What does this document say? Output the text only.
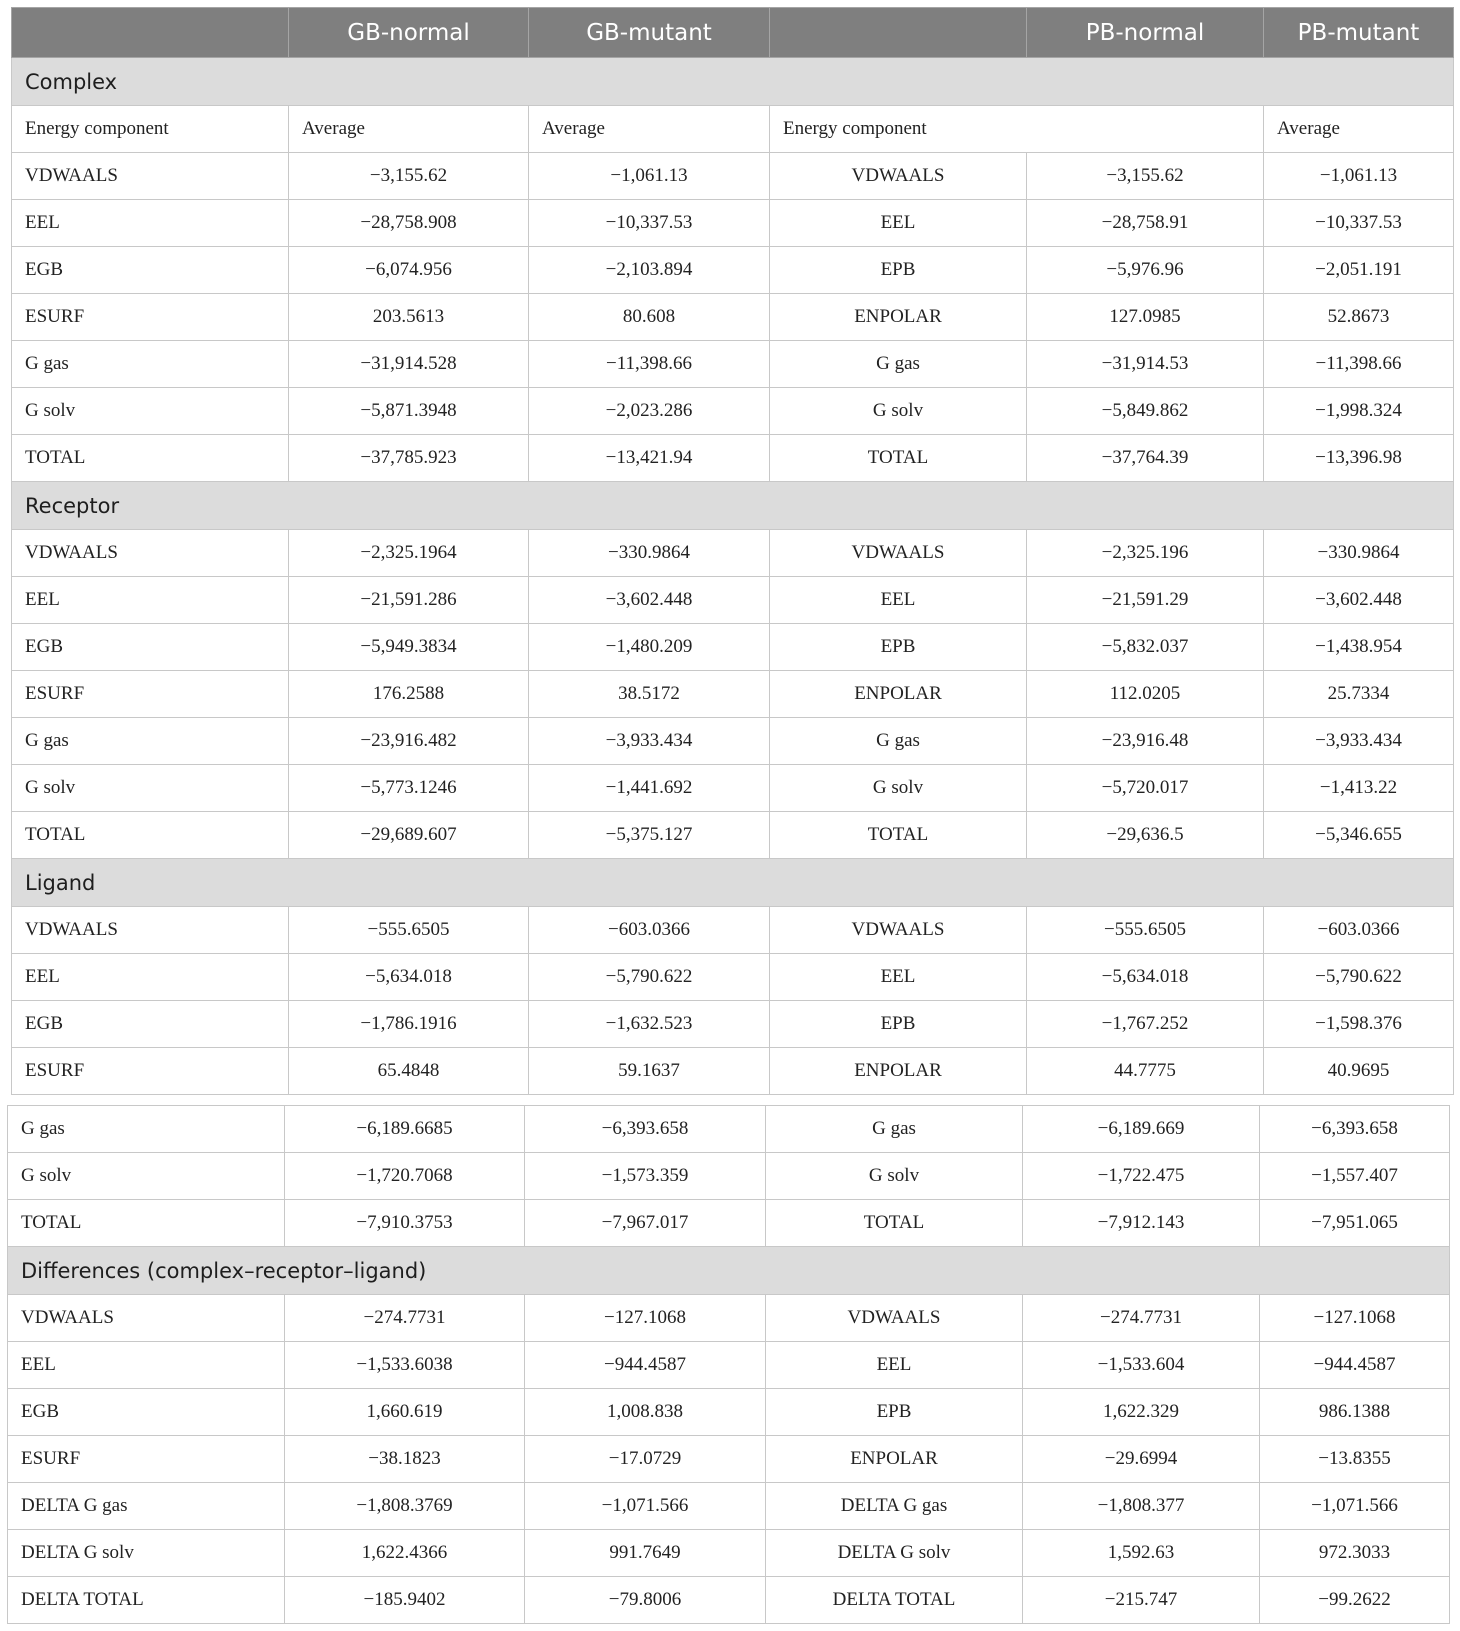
	GB-normal	GB-mutant		PB-normal	PB-mutant
Complex					
Energy component	Average	Average	Energy component		Average
VDWAALS	−3,155.62	−1,061.13	VDWAALS	−3,155.62	−1,061.13
EEL	−28,758.908	−10,337.53	EEL	−28,758.91	−10,337.53
EGB	−6,074.956	−2,103.894	EPB	−5,976.96	−2,051.191
ESURF	203.5613	80.608	ENPOLAR	127.0985	52.8673
G gas	−31,914.528	−11,398.66	G gas	−31,914.53	−11,398.66
G solv	−5,871.3948	−2,023.286	G solv	−5,849.862	−1,998.324
TOTAL	−37,785.923	−13,421.94	TOTAL	−37,764.39	−13,396.98
Receptor					
VDWAALS	−2,325.1964	−330.9864	VDWAALS	−2,325.196	−330.9864
EEL	−21,591.286	−3,602.448	EEL	−21,591.29	−3,602.448
EGB	−5,949.3834	−1,480.209	EPB	−5,832.037	−1,438.954
ESURF	176.2588	38.5172	ENPOLAR	112.0205	25.7334
G gas	−23,916.482	−3,933.434	G gas	−23,916.48	−3,933.434
G solv	−5,773.1246	−1,441.692	G solv	−5,720.017	−1,413.22
TOTAL	−29,689.607	−5,375.127	TOTAL	−29,636.5	−5,346.655
Ligand					
VDWAALS	−555.6505	−603.0366	VDWAALS	−555.6505	−603.0366
EEL	−5,634.018	−5,790.622	EEL	−5,634.018	−5,790.622
EGB	−1,786.1916	−1,632.523	EPB	−1,767.252	−1,598.376
ESURF	65.4848	59.1637	ENPOLAR	44.7775	40.9695
G gas	−6,189.6685	−6,393.658	G gas	−6,189.669	−6,393.658
G solv	−1,720.7068	−1,573.359	G solv	−1,722.475	−1,557.407
TOTAL	−7,910.3753	−7,967.017	TOTAL	−7,912.143	−7,951.065
Differences (complex–receptor–ligand)					
VDWAALS	−274.7731	−127.1068	VDWAALS	−274.7731	−127.1068
EEL	−1,533.6038	−944.4587	EEL	−1,533.604	−944.4587
EGB	1,660.619	1,008.838	EPB	1,622.329	986.1388
ESURF	−38.1823	−17.0729	ENPOLAR	−29.6994	−13.8355
DELTA G gas	−1,808.3769	−1,071.566	DELTA G gas	−1,808.377	−1,071.566
DELTA G solv	1,622.4366	991.7649	DELTA G solv	1,592.63	972.3033
DELTA TOTAL	−185.9402	−79.8006	DELTA TOTAL	−215.747	−99.2622
